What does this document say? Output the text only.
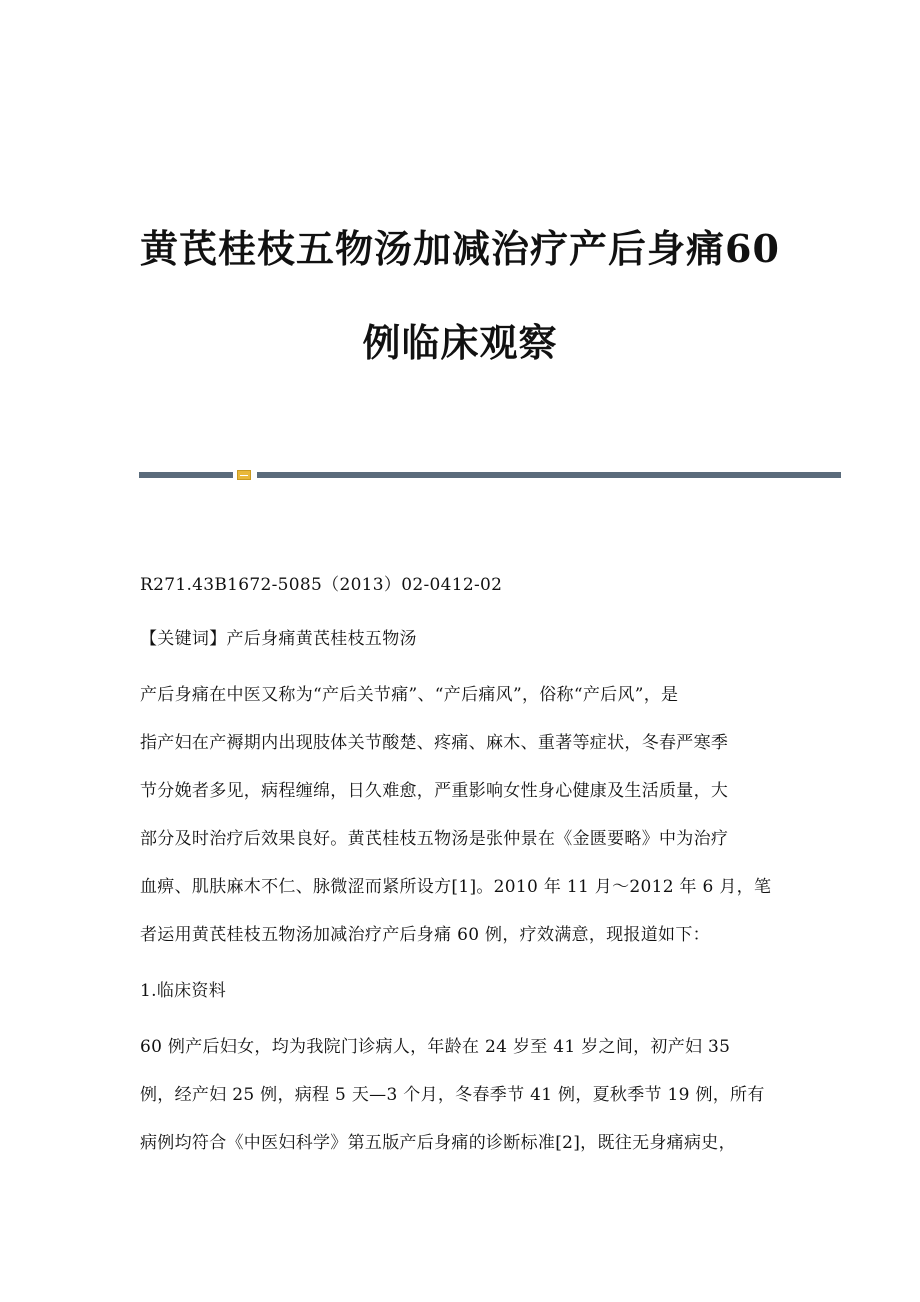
黄芪桂枝五物汤加减治疗产后身痛60
例临床观察
R271.43B1672-5085（2013）02-0412-02
【关键词】产后身痛黄芪桂枝五物汤
产后身痛在中医又称为“产后关节痛”、“产后痛风”，俗称“产后风”，是
指产妇在产褥期内出现肢体关节酸楚、疼痛、麻木、重著等症状，冬春严寒季
节分娩者多见，病程缠绵，日久难愈，严重影响女性身心健康及生活质量，大
部分及时治疗后效果良好。黄芪桂枝五物汤是张仲景在《金匮要略》中为治疗
血痹、肌肤麻木不仁、脉微涩而紧所设方[1]。2010 年 11 月～2012 年 6 月，笔
者运用黄芪桂枝五物汤加减治疗产后身痛 60 例，疗效满意，现报道如下：
1.临床资料
60 例产后妇女，均为我院门诊病人，年龄在 24 岁至 41 岁之间，初产妇 35
例，经产妇 25 例，病程 5 天—3 个月，冬春季节 41 例，夏秋季节 19 例，所有
病例均符合《中医妇科学》第五版产后身痛的诊断标准[2]，既往无身痛病史，
